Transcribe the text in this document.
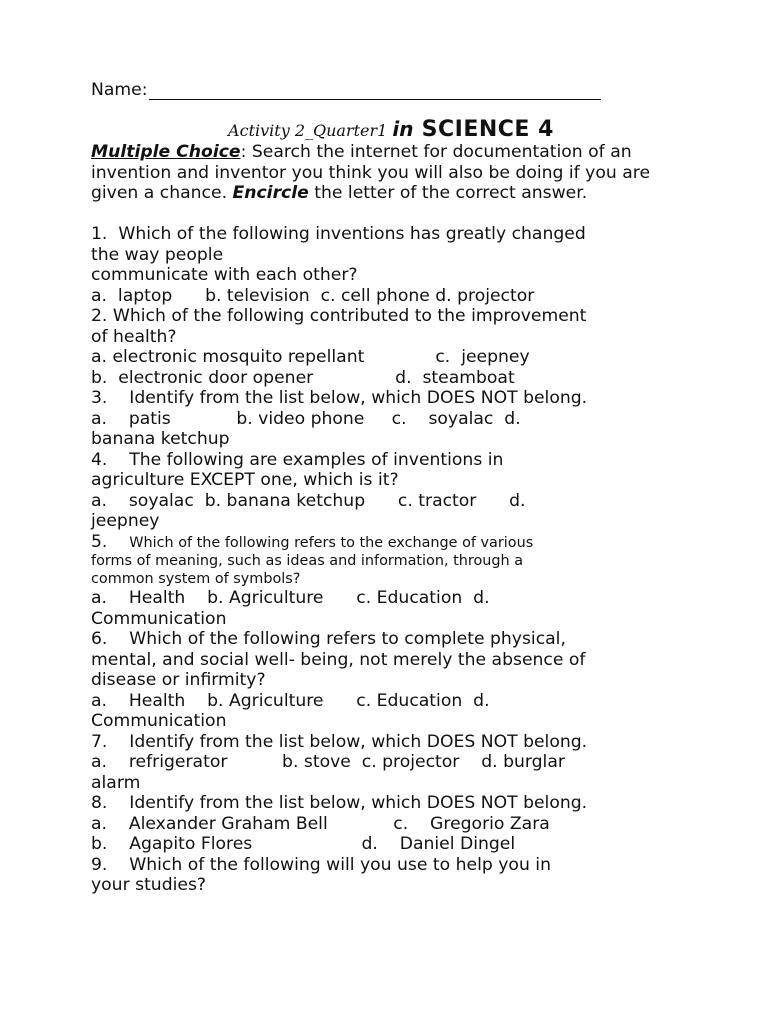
Name:
Activity 2_Quarter1 in SCIENCE 4
Multiple Choice: Search the internet for documentation of an invention and inventor you think you will also be doing if you are given a chance. Encircle the letter of the correct answer.
1.  Which of the following inventions has greatly changed
the way people
communicate with each other?
a.  laptop      b. television  c. cell phone d. projector
2. Which of the following contributed to the improvement
of health?
a. electronic mosquito repellant             c.  jeepney
b.  electronic door opener               d.  steamboat
3.    Identify from the list below, which DOES NOT belong.
a.    patis            b. video phone     c.    soyalac  d.
banana ketchup
4.    The following are examples of inventions in
agriculture EXCEPT one, which is it?
a.    soyalac  b. banana ketchup      c. tractor      d.
jeepney
5.    Which of the following refers to the exchange of various
forms of meaning, such as ideas and information, through a
common system of symbols?
a.    Health    b. Agriculture      c. Education  d.
Communication
6.    Which of the following refers to complete physical,
mental, and social well- being, not merely the absence of
disease or infirmity?
a.    Health    b. Agriculture      c. Education  d.
Communication
7.    Identify from the list below, which DOES NOT belong.
a.    refrigerator          b. stove  c. projector    d. burglar
alarm
8.    Identify from the list below, which DOES NOT belong.
a.    Alexander Graham Bell            c.    Gregorio Zara
b.    Agapito Flores                    d.    Daniel Dingel
9.    Which of the following will you use to help you in
your studies?
